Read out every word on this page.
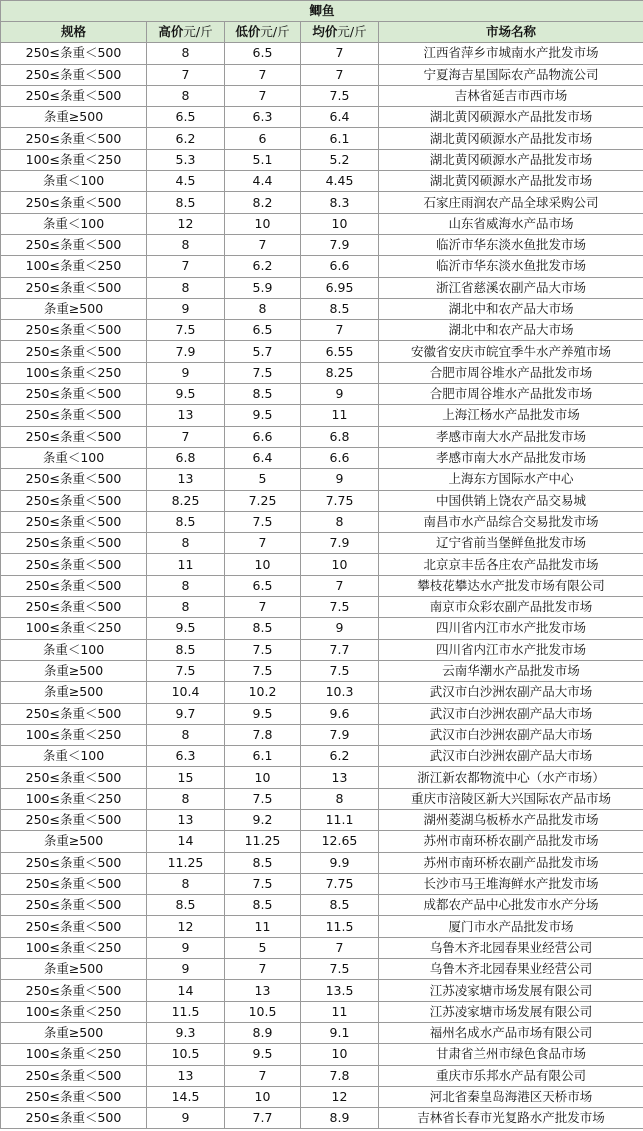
鲫鱼				
规格	高价元/斤	低价元/斤	均价元/斤	市场名称
250≤条重＜500	8	6.5	7	江西省萍乡市城南水产批发市场
250≤条重＜500	7	7	7	宁夏海吉星国际农产品物流公司
250≤条重＜500	8	7	7.5	吉林省延吉市西市场
条重≥500	6.5	6.3	6.4	湖北黄冈硕源水产品批发市场
250≤条重＜500	6.2	6	6.1	湖北黄冈硕源水产品批发市场
100≤条重＜250	5.3	5.1	5.2	湖北黄冈硕源水产品批发市场
条重＜100	4.5	4.4	4.45	湖北黄冈硕源水产品批发市场
250≤条重＜500	8.5	8.2	8.3	石家庄雨润农产品全球采购公司
条重＜100	12	10	10	山东省威海水产品市场
250≤条重＜500	8	7	7.9	临沂市华东淡水鱼批发市场
100≤条重＜250	7	6.2	6.6	临沂市华东淡水鱼批发市场
250≤条重＜500	8	5.9	6.95	浙江省慈溪农副产品大市场
条重≥500	9	8	8.5	湖北中和农产品大市场
250≤条重＜500	7.5	6.5	7	湖北中和农产品大市场
250≤条重＜500	7.9	5.7	6.55	安徽省安庆市皖宜季牛水产养殖市场
100≤条重＜250	9	7.5	8.25	合肥市周谷堆水产品批发市场
250≤条重＜500	9.5	8.5	9	合肥市周谷堆水产品批发市场
250≤条重＜500	13	9.5	11	上海江杨水产品批发市场
250≤条重＜500	7	6.6	6.8	孝感市南大水产品批发市场
条重＜100	6.8	6.4	6.6	孝感市南大水产品批发市场
250≤条重＜500	13	5	9	上海东方国际水产中心
250≤条重＜500	8.25	7.25	7.75	中国供销上饶农产品交易城
250≤条重＜500	8.5	7.5	8	南昌市水产品综合交易批发市场
250≤条重＜500	8	7	7.9	辽宁省前当堡鲜鱼批发市场
250≤条重＜500	11	10	10	北京京丰岳各庄农产品批发市场
250≤条重＜500	8	6.5	7	攀枝花攀达水产批发市场有限公司
250≤条重＜500	8	7	7.5	南京市众彩农副产品批发市场
100≤条重＜250	9.5	8.5	9	四川省内江市水产批发市场
条重＜100	8.5	7.5	7.7	四川省内江市水产批发市场
条重≥500	7.5	7.5	7.5	云南华潮水产品批发市场
条重≥500	10.4	10.2	10.3	武汉市白沙洲农副产品大市场
250≤条重＜500	9.7	9.5	9.6	武汉市白沙洲农副产品大市场
100≤条重＜250	8	7.8	7.9	武汉市白沙洲农副产品大市场
条重＜100	6.3	6.1	6.2	武汉市白沙洲农副产品大市场
250≤条重＜500	15	10	13	浙江新农都物流中心（水产市场）
100≤条重＜250	8	7.5	8	重庆市涪陵区新大兴国际农产品市场
250≤条重＜500	13	9.2	11.1	湖州菱湖乌板桥水产品批发市场
条重≥500	14	11.25	12.65	苏州市南环桥农副产品批发市场
250≤条重＜500	11.25	8.5	9.9	苏州市南环桥农副产品批发市场
250≤条重＜500	8	7.5	7.75	长沙市马王堆海鲜水产批发市场
250≤条重＜500	8.5	8.5	8.5	成都农产品中心批发市水产分场
250≤条重＜500	12	11	11.5	厦门市水产品批发市场
100≤条重＜250	9	5	7	乌鲁木齐北园春果业经营公司
条重≥500	9	7	7.5	乌鲁木齐北园春果业经营公司
250≤条重＜500	14	13	13.5	江苏凌家塘市场发展有限公司
100≤条重＜250	11.5	10.5	11	江苏凌家塘市场发展有限公司
条重≥500	9.3	8.9	9.1	福州名成水产品市场有限公司
100≤条重＜250	10.5	9.5	10	甘肃省兰州市绿色食品市场
250≤条重＜500	13	7	7.8	重庆市乐邦水产品有限公司
250≤条重＜500	14.5	10	12	河北省秦皇岛海港区天桥市场
250≤条重＜500	9	7.7	8.9	吉林省长春市光复路水产批发市场
